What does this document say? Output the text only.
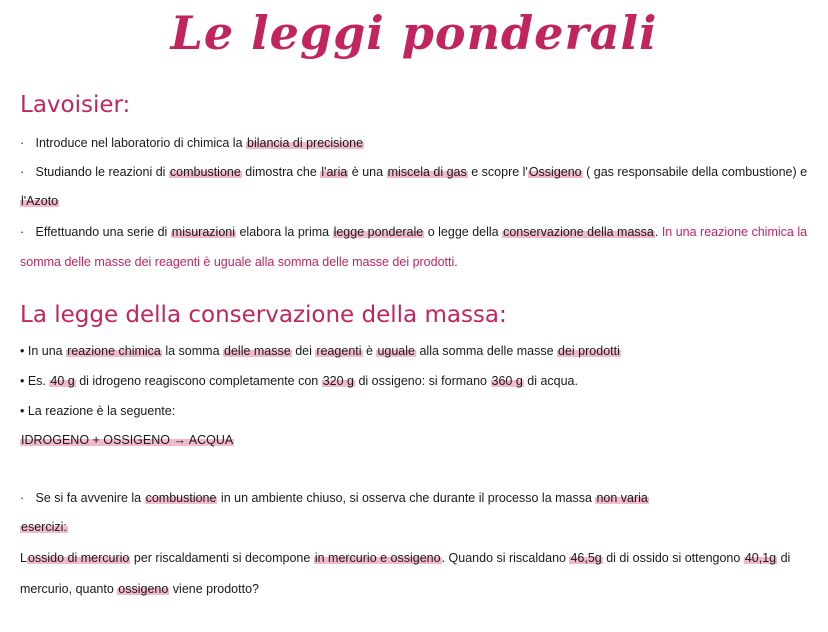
Le leggi ponderali
Lavoisier:
· Introduce nel laboratorio di chimica la bilancia di precisione
· Studiando le reazioni di combustione dimostra che l'aria è una miscela di gas e scopre l'Ossigeno ( gas responsabile della combustione) e
l'Azoto
· Effettuando una serie di misurazioni elabora la prima legge ponderale o legge della conservazione della massa. In una reazione chimica la
somma delle masse dei reagenti è uguale alla somma delle masse dei prodotti.
La legge della conservazione della massa:
• In una reazione chimica la somma delle masse dei reagenti è uguale alla somma delle masse dei prodotti
• Es. 40 g di idrogeno reagiscono completamente con 320 g di ossigeno: si formano 360 g di acqua.
• La reazione è la seguente:
IDROGENO + OSSIGENO → ACQUA
· Se si fa avvenire la combustione in un ambiente chiuso, si osserva che durante il processo la massa non varia
esercizi:
Lossido di mercurio per riscaldamenti si decompone in mercurio e ossigeno. Quando si riscaldano 46,5g di di ossido si ottengono 40,1g di
mercurio, quanto ossigeno viene prodotto?
